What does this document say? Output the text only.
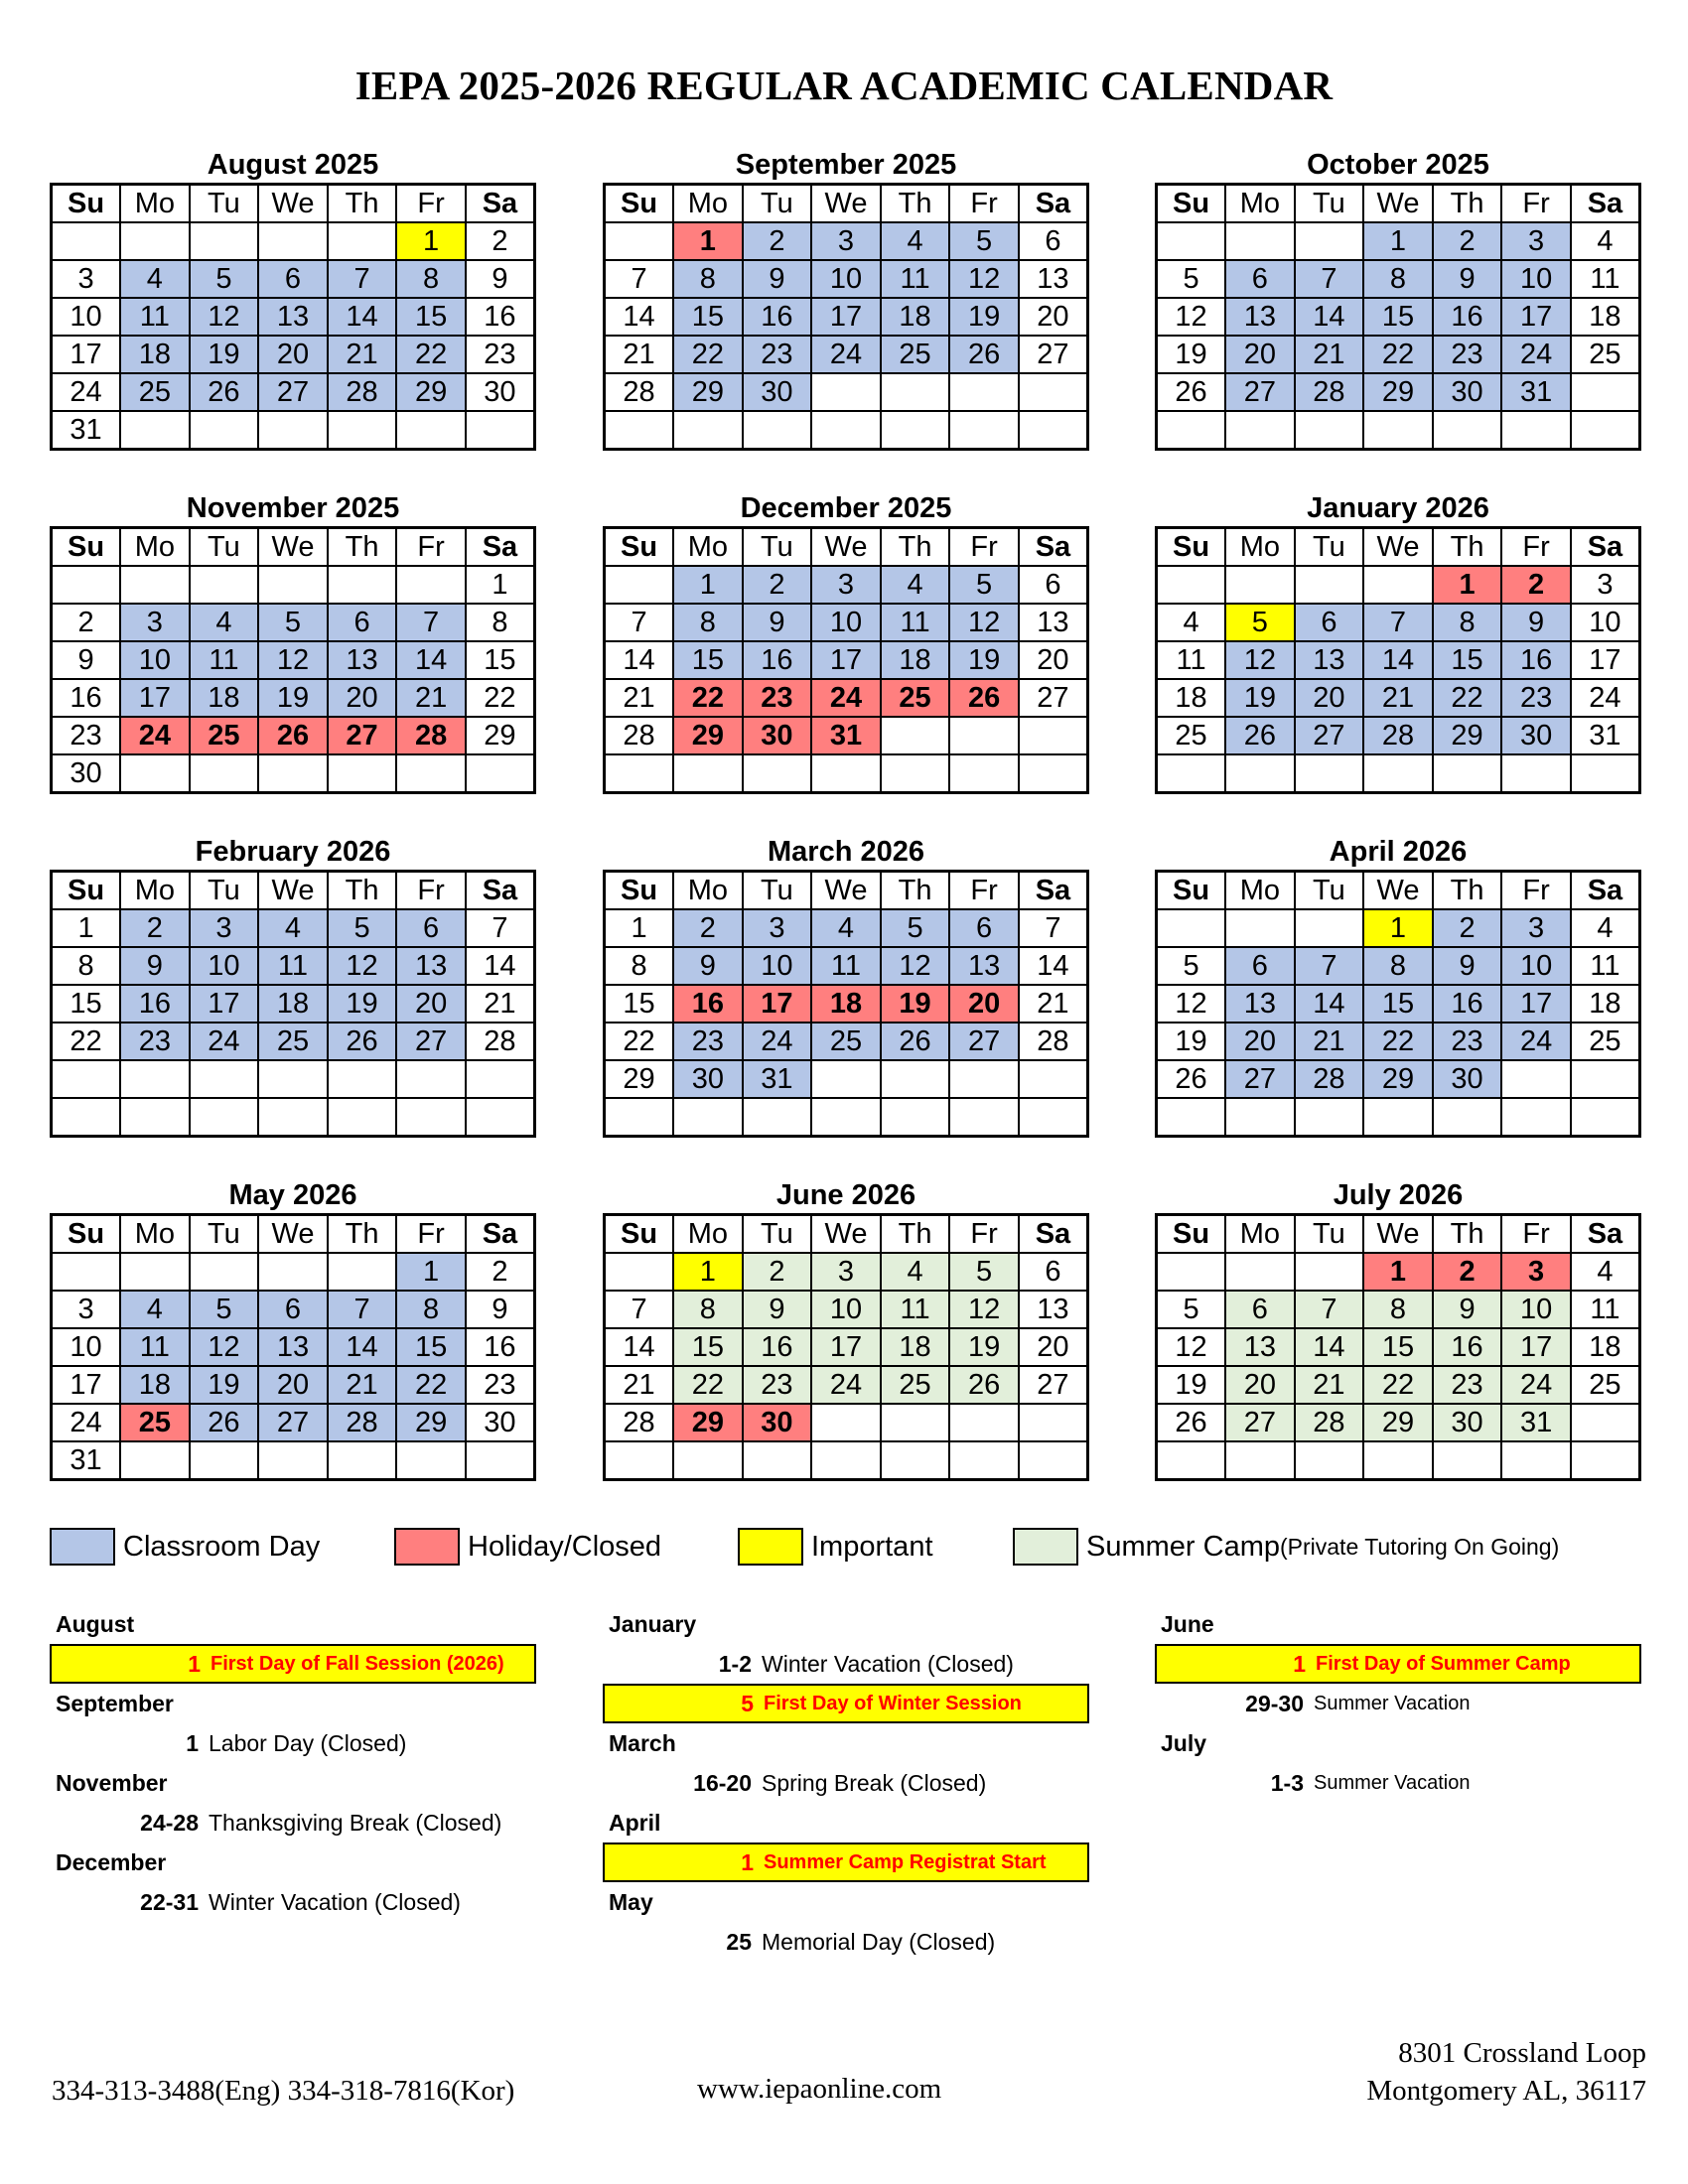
IEPA 2025-2026 REGULAR ACADEMIC CALENDAR
August 2025
Su	Mo	Tu	We	Th	Fr	Sa
					1	2
3	4	5	6	7	8	9
10	11	12	13	14	15	16
17	18	19	20	21	22	23
24	25	26	27	28	29	30
31						
September 2025
Su	Mo	Tu	We	Th	Fr	Sa
	1	2	3	4	5	6
7	8	9	10	11	12	13
14	15	16	17	18	19	20
21	22	23	24	25	26	27
28	29	30				

October 2025
Su	Mo	Tu	We	Th	Fr	Sa
			1	2	3	4
5	6	7	8	9	10	11
12	13	14	15	16	17	18
19	20	21	22	23	24	25
26	27	28	29	30	31	

November 2025
Su	Mo	Tu	We	Th	Fr	Sa
						1
2	3	4	5	6	7	8
9	10	11	12	13	14	15
16	17	18	19	20	21	22
23	24	25	26	27	28	29
30						
December 2025
Su	Mo	Tu	We	Th	Fr	Sa
	1	2	3	4	5	6
7	8	9	10	11	12	13
14	15	16	17	18	19	20
21	22	23	24	25	26	27
28	29	30	31			

January 2026
Su	Mo	Tu	We	Th	Fr	Sa
				1	2	3
4	5	6	7	8	9	10
11	12	13	14	15	16	17
18	19	20	21	22	23	24
25	26	27	28	29	30	31

February 2026
Su	Mo	Tu	We	Th	Fr	Sa
1	2	3	4	5	6	7
8	9	10	11	12	13	14
15	16	17	18	19	20	21
22	23	24	25	26	27	28

March 2026
Su	Mo	Tu	We	Th	Fr	Sa
1	2	3	4	5	6	7
8	9	10	11	12	13	14
15	16	17	18	19	20	21
22	23	24	25	26	27	28
29	30	31				

April 2026
Su	Mo	Tu	We	Th	Fr	Sa
			1	2	3	4
5	6	7	8	9	10	11
12	13	14	15	16	17	18
19	20	21	22	23	24	25
26	27	28	29	30		

May 2026
Su	Mo	Tu	We	Th	Fr	Sa
					1	2
3	4	5	6	7	8	9
10	11	12	13	14	15	16
17	18	19	20	21	22	23
24	25	26	27	28	29	30
31						
June 2026
Su	Mo	Tu	We	Th	Fr	Sa
	1	2	3	4	5	6
7	8	9	10	11	12	13
14	15	16	17	18	19	20
21	22	23	24	25	26	27
28	29	30				

July 2026
Su	Mo	Tu	We	Th	Fr	Sa
			1	2	3	4
5	6	7	8	9	10	11
12	13	14	15	16	17	18
19	20	21	22	23	24	25
26	27	28	29	30	31	

Classroom Day	Holiday/Closed	Important	Summer Camp (Private Tutoring On Going)
August
1 First Day of Fall Session (2026)
September
1 Labor Day (Closed)
November
24-28 Thanksgiving Break (Closed)
December
22-31 Winter Vacation (Closed)
January
1-2 Winter Vacation (Closed)
5 First Day of Winter Session
March
16-20 Spring Break (Closed)
April
1 Summer Camp Registrat Start
May
25 Memorial Day (Closed)
June
1 First Day of Summer Camp
29-30 Summer Vacation
July
1-3 Summer Vacation
334-313-3488(Eng) 334-318-7816(Kor)	www.iepaonline.com
8301 Crossland Loop
Montgomery AL, 36117
